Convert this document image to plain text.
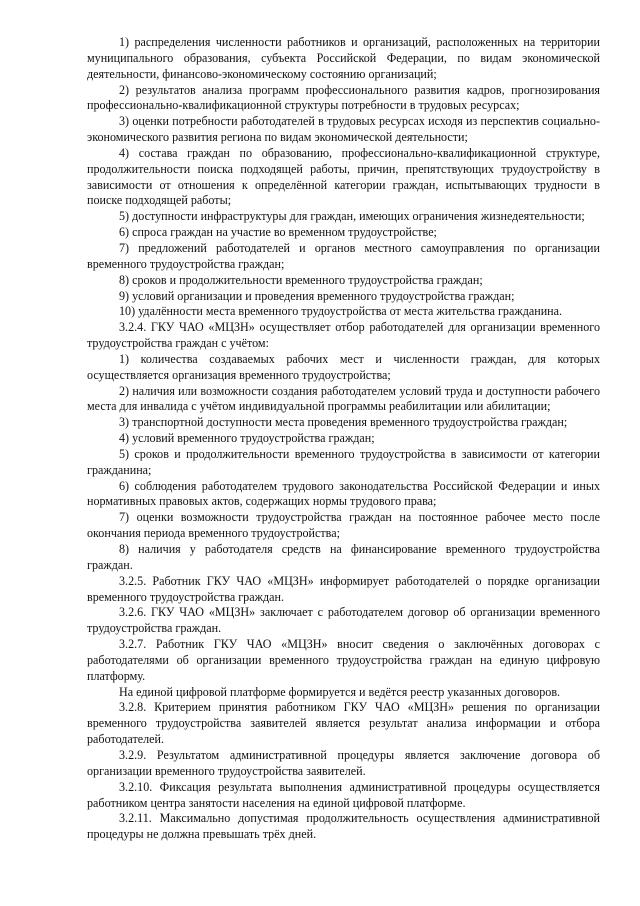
1) распределения численности работников и организаций, расположенных на территории муниципального образования, субъекта Российской Федерации, по видам экономической деятельности, финансово-экономическому состоянию организаций;

2) результатов анализа программ профессионального развития кадров, прогнозирования профессионально-квалификационной структуры потребности в трудовых ресурсах;

3) оценки потребности работодателей в трудовых ресурсах исходя из перспектив социально-экономического развития региона по видам экономической деятельности;

4) состава граждан по образованию, профессионально-квалификационной структуре, продолжительности поиска подходящей работы, причин, препятствующих трудоустройству в зависимости от отношения к определённой категории граждан, испытывающих трудности в поиске подходящей работы;

5) доступности инфраструктуры для граждан, имеющих ограничения жизнедеятельности;

6) спроса граждан на участие во временном трудоустройстве;

7) предложений работодателей и органов местного самоуправления по организации временного трудоустройства граждан;

8) сроков и продолжительности временного трудоустройства граждан;

9) условий организации и проведения временного трудоустройства граждан;

10) удалённости места временного трудоустройства от места жительства гражданина.

3.2.4. ГКУ ЧАО «МЦЗН» осуществляет отбор работодателей для организации временного трудоустройства граждан с учётом:

1) количества создаваемых рабочих мест и численности граждан, для которых осуществляется организация временного трудоустройства;

2) наличия или возможности создания работодателем условий труда и доступности рабочего места для инвалида с учётом индивидуальной программы реабилитации или абилитации;

3) транспортной доступности места проведения временного трудоустройства граждан;

4) условий временного трудоустройства граждан;

5) сроков и продолжительности временного трудоустройства в зависимости от категории гражданина;

6) соблюдения работодателем трудового законодательства Российской Федерации и иных нормативных правовых актов, содержащих нормы трудового права;

7) оценки возможности трудоустройства граждан на постоянное рабочее место после окончания периода временного трудоустройства;

8) наличия у работодателя средств на финансирование временного трудоустройства граждан.

3.2.5. Работник ГКУ ЧАО «МЦЗН» информирует работодателей о порядке организации временного трудоустройства граждан.

3.2.6. ГКУ ЧАО «МЦЗН» заключает с работодателем договор об организации временного трудоустройства граждан.

3.2.7. Работник ГКУ ЧАО «МЦЗН» вносит сведения о заключённых договорах с работодателями об организации временного трудоустройства граждан на единую цифровую платформу.

На единой цифровой платформе формируется и ведётся реестр указанных договоров.

3.2.8. Критерием принятия работником ГКУ ЧАО «МЦЗН» решения по организации временного трудоустройства заявителей является результат анализа информации и отбора работодателей.

3.2.9. Результатом административной процедуры является заключение договора об организации временного трудоустройства заявителей.

3.2.10. Фиксация результата выполнения административной процедуры осуществляется работником центра занятости населения на единой цифровой платформе.

3.2.11. Максимально допустимая продолжительность осуществления административной процедуры не должна превышать трёх дней.
